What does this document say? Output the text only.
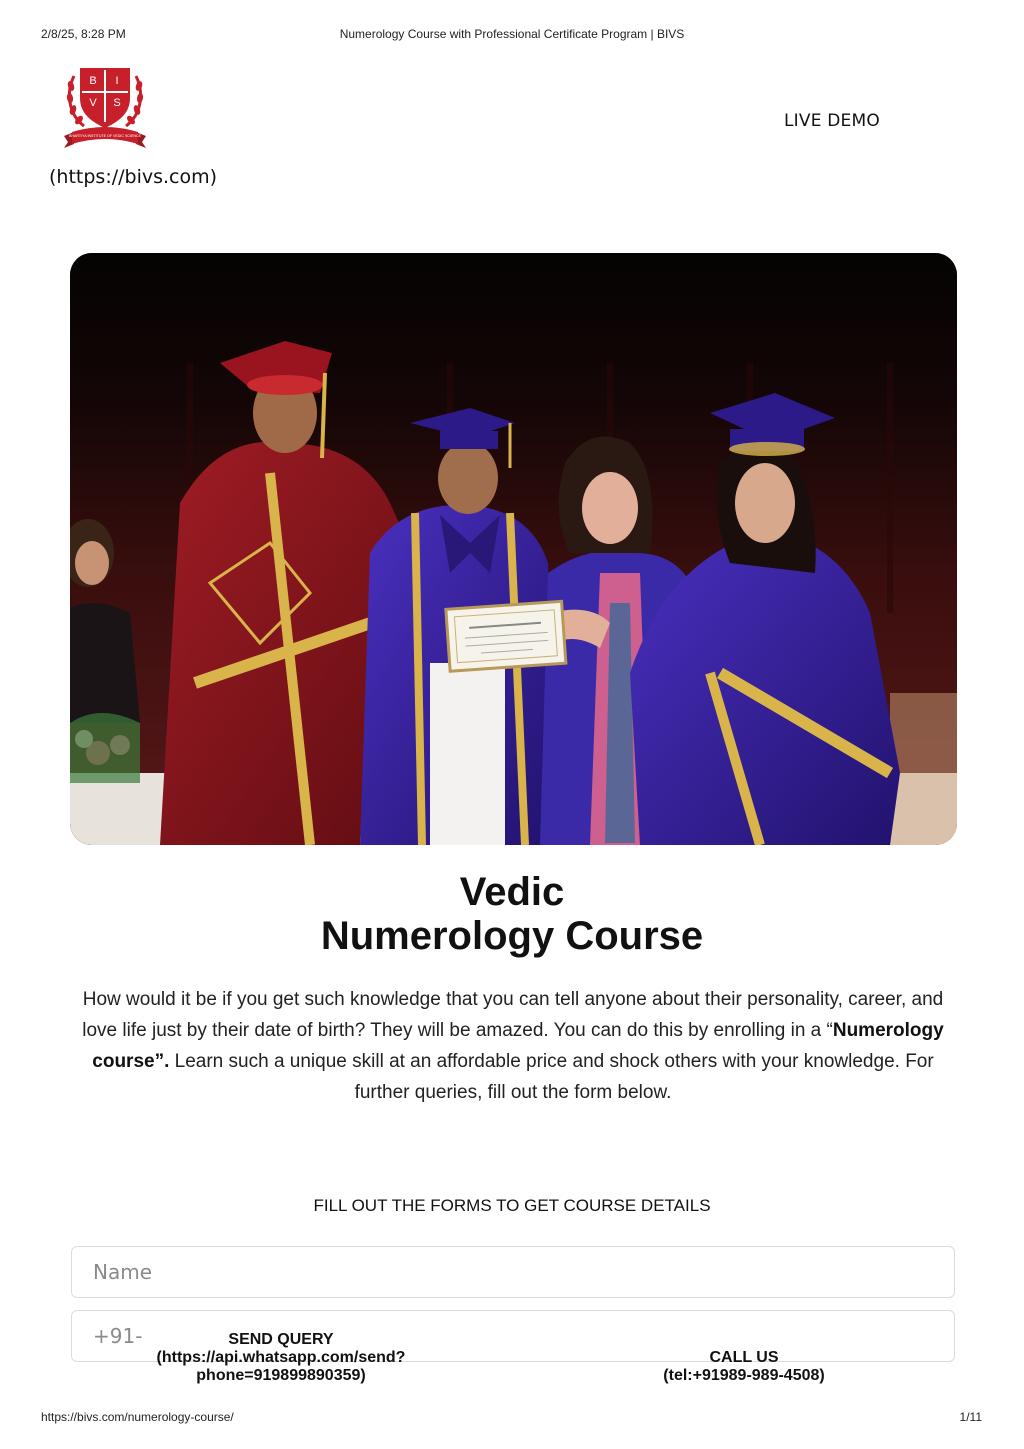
2/8/25, 8:28 PM	Numerology Course with Professional Certificate Program | BIVS
B I
V S
BHARTIYA INSTITUTE OF VEDIC SCIENCE
(https://bivs.com)
LIVE DEMO
Vedic
Numerology Course

How would it be if you get such knowledge that you can tell anyone about their personality, career, and love life just by their date of birth? They will be amazed. You can do this by enrolling in a “Numerology course”. Learn such a unique skill at an affordable price and shock others with your knowledge. For further queries, fill out the form below.

FILL OUT THE FORMS TO GET COURSE DETAILS
Name
+91-	SEND QUERY
(https://api.whatsapp.com/send?phone=919899890359)
CALL US
(tel:+91989-989-4508)
https://bivs.com/numerology-course/	1/11
